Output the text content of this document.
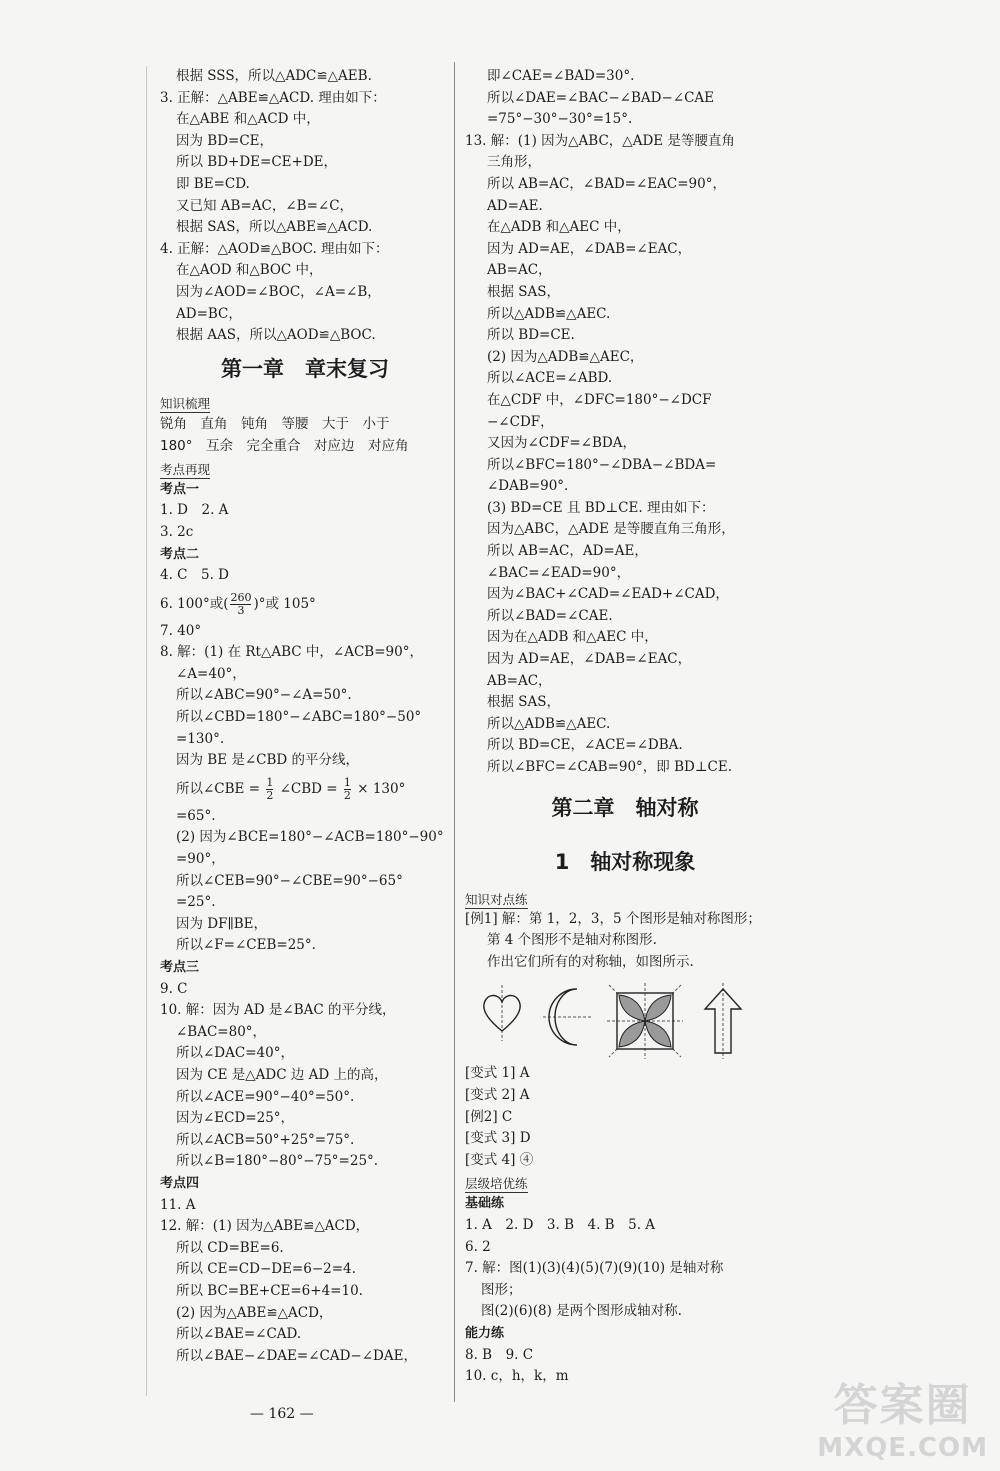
根据 SSS，所以△ADC≌△AEB.
3. 正解：△ABE≌△ACD. 理由如下：
在△ABE 和△ACD 中，
因为 BD=CE，
所以 BD+DE=CE+DE，
即 BE=CD.
又已知 AB=AC，∠B=∠C，
根据 SAS，所以△ABE≌△ACD.
4. 正解：△AOD≌△BOC. 理由如下：
在△AOD 和△BOC 中，
因为∠AOD=∠BOC，∠A=∠B，
AD=BC，
根据 AAS，所以△AOD≌△BOC.
第一章　章末复习
知识梳理
锐角　直角　钝角　等腰　大于　小于
180°　互余　完全重合　对应边　对应角
考点再现
考点一
1. D　2. A
3. 2c
考点二
4. C　5. D
6. 100°或( $\frac{260}{3}$ )°或 105°
7. 40°
8. 解：(1) 在 Rt△ABC 中，∠ACB=90°，
∠A=40°，
所以∠ABC=90°−∠A=50°.
所以∠CBD=180°−∠ABC=180°−50°
=130°.
因为 BE 是∠CBD 的平分线，
所以∠CBE = $\frac{1}{2}$ ∠CBD = $\frac{1}{2} \times 130^\circ$
=65°.
(2) 因为∠BCE=180°−∠ACB=180°−90°
=90°，
所以∠CEB=90°−∠CBE=90°−65°
=25°.
因为 DF∥BE，
所以∠F=∠CEB=25°.
考点三
9. C
10. 解：因为 AD 是∠BAC 的平分线，
∠BAC=80°，
所以∠DAC=40°，
因为 CE 是△ADC 边 AD 上的高，
所以∠ACE=90°−40°=50°.
因为∠ECD=25°，
所以∠ACB=50°+25°=75°.
所以∠B=180°−80°−75°=25°.
考点四
11. A
12. 解：(1) 因为△ABE≌△ACD，
所以 CD=BE=6.
所以 CE=CD−DE=6−2=4.
所以 BC=BE+CE=6+4=10.
(2) 因为△ABE≌△ACD，
所以∠BAE=∠CAD.
所以∠BAE−∠DAE=∠CAD−∠DAE，
即∠CAE=∠BAD=30°.
所以∠DAE=∠BAC−∠BAD−∠CAE
=75°−30°−30°=15°.
13. 解：(1) 因为△ABC，△ADE 是等腰直角
三角形，
所以 AB=AC，∠BAD=∠EAC=90°，
AD=AE.
在△ADB 和△AEC 中，
因为 AD=AE，∠DAB=∠EAC，
AB=AC，
根据 SAS，
所以△ADB≌△AEC.
所以 BD=CE.
(2) 因为△ADB≌△AEC，
所以∠ACE=∠ABD.
在△CDF 中，∠DFC=180°−∠DCF
−∠CDF，
又因为∠CDF=∠BDA，
所以∠BFC=180°−∠DBA−∠BDA=
∠DAB=90°.
(3) BD=CE 且 BD⊥CE. 理由如下：
因为△ABC，△ADE 是等腰直角三角形，
所以 AB=AC，AD=AE，
∠BAC=∠EAD=90°，
因为∠BAC+∠CAD=∠EAD+∠CAD，
所以∠BAD=∠CAE.
因为在△ADB 和△AEC 中，
因为 AD=AE，∠DAB=∠EAC，
AB=AC，
根据 SAS，
所以△ADB≌△AEC.
所以 BD=CE，∠ACE=∠DBA.
所以∠BFC=∠CAB=90°，即 BD⊥CE.
第二章　轴对称
1　轴对称现象
知识对点练
[例1] 解：第 1，2，3，5 个图形是轴对称图形；
第 4 个图形不是轴对称图形.
作出它们所有的对称轴，如图所示.
[变式 1] A
[变式 2] A
[例2] C
[变式 3] D
[变式 4] ④
层级培优练
基础练
1. A　2. D　3. B　4. B　5. A
6. 2
7. 解：图(1)(3)(4)(5)(7)(9)(10) 是轴对称
图形；
图(2)(6)(8) 是两个图形成轴对称.
能力练
8. B　9. C
10. c，h，k，m
— 162 —	答案圈
MXQE.COM
